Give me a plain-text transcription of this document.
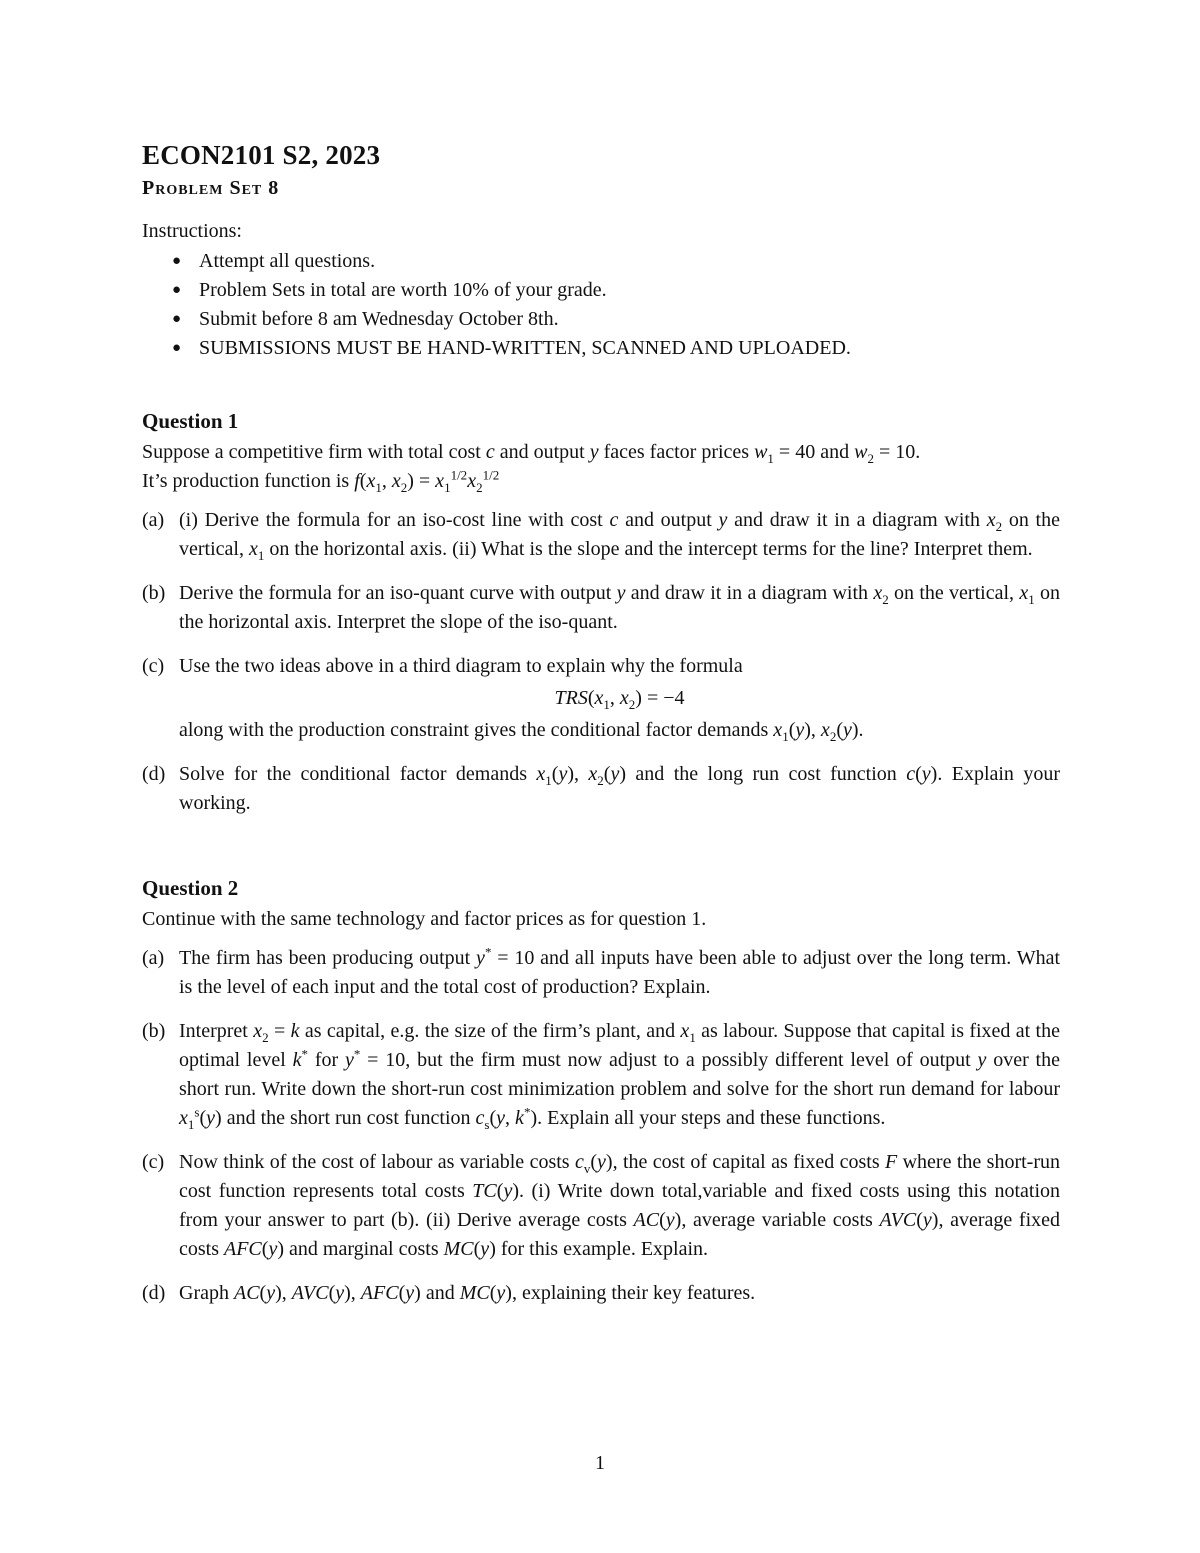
ECON2101 S2, 2023
Problem Set 8
Instructions:
● Attempt all questions.
● Problem Sets in total are worth 10% of your grade.
● Submit before 8 am Wednesday October 8th.
● SUBMISSIONS MUST BE HAND-WRITTEN, SCANNED AND UPLOADED.
Question 1
Suppose a competitive firm with total cost c and output y faces factor prices $w_1 = 40$ and $w_2 = 10$.
It’s production function is $f(x_1$, $x_2) = x_1^{1/2}x_2^{1/2}$
(a) (i) Derive the formula for an iso-cost line with cost c and output y and draw it in a diagram with $x_2$ on the vertical, $x_1$ on the horizontal axis. (ii) What is the slope and the intercept terms for the line? Interpret them.
(b) Derive the formula for an iso-quant curve with output y and draw it in a diagram with $x_2$ on the vertical, $x_1$ on the horizontal axis. Interpret the slope of the iso-quant.
(c) Use the two ideas above in a third diagram to explain why the formula
$TRS(x_1$, $x_2) = -4$
along with the production constraint gives the conditional factor demands $x_1(y)$, $x_2(y)$.
(d) Solve for the conditional factor demands $x_1(y)$, $x_2(y)$ and the long run cost function c(y). Explain your working.
Question 2
Continue with the same technology and factor prices as for question 1.
(a) The firm has been producing output y* = 10 and all inputs have been able to adjust over the long term. What is the level of each input and the total cost of production? Explain.
(b) Interpret $x_2 = k$ as capital, e.g. the size of the firm’s plant, and $x_1$ as labour. Suppose that capital is fixed at the optimal level k* for y* = 10, but the firm must now adjust to a possibly different level of output y over the short run. Write down the short-run cost minimization problem and solve for the short run demand for labour $x_1^s(y)$ and the short run cost function $c_s(y$, k*). Explain all your steps and these functions.
(c) Now think of the cost of labour as variable costs $c_v(y)$, the cost of capital as fixed costs F where the short-run cost function represents total costs TC(y). (i) Write down total,variable and fixed costs using this notation from your answer to part (b). (ii) Derive average costs AC(y), average variable costs AVC(y), average fixed costs AFC(y) and marginal costs MC(y) for this example. Explain.
(d) Graph AC(y), AVC(y), AFC(y) and MC(y), explaining their key features.
1
